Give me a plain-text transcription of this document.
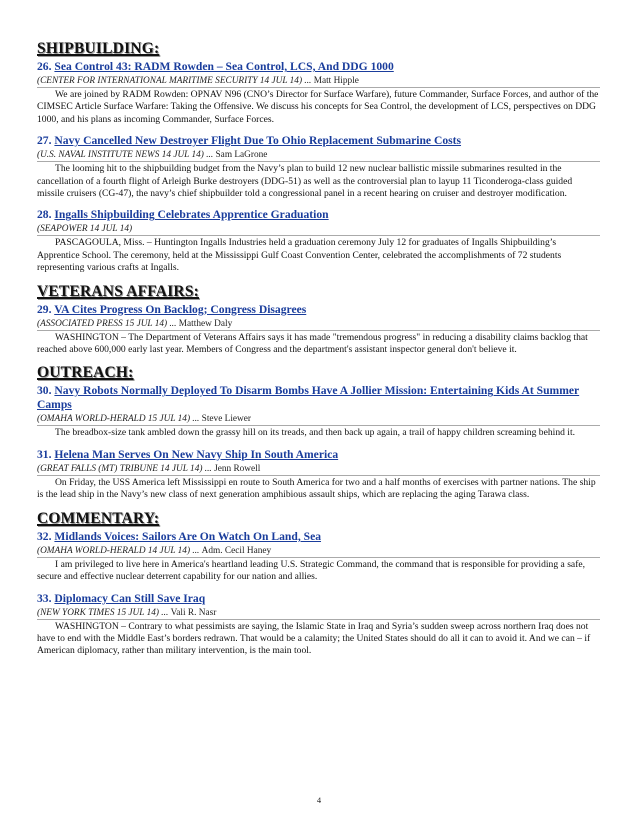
SHIPBUILDING:

26. Sea Control 43: RADM Rowden – Sea Control, LCS, And DDG 1000

(CENTER FOR INTERNATIONAL MARITIME SECURITY 14 JUL 14) ... Matt Hipple

We are joined by RADM Rowden: OPNAV N96 (CNO’s Director for Surface Warfare), future Commander, Surface Forces, and author of the CIMSEC Article Surface Warfare: Taking the Offensive. We discuss his concepts for Sea Control, the development of LCS, perspectives on DDG 1000, and his plans as incoming Commander, Surface Forces.

27. Navy Cancelled New Destroyer Flight Due To Ohio Replacement Submarine Costs

(U.S. NAVAL INSTITUTE NEWS 14 JUL 14) ... Sam LaGrone

The looming hit to the shipbuilding budget from the Navy’s plan to build 12 new nuclear ballistic missile submarines resulted in the cancellation of a fourth flight of Arleigh Burke destroyers (DDG-51) as well as the controversial plan to layup 11 Ticonderoga-class guided missile cruisers (CG-47), the navy’s chief shipbuilder told a congressional panel in a recent hearing on cruiser and destroyer modification.

28. Ingalls Shipbuilding Celebrates Apprentice Graduation

(SEAPOWER 14 JUL 14)

PASCAGOULA, Miss. – Huntington Ingalls Industries held a graduation ceremony July 12 for graduates of Ingalls Shipbuilding’s Apprentice School. The ceremony, held at the Mississippi Gulf Coast Convention Center, celebrated the accomplishments of 72 students representing various crafts at Ingalls.

VETERANS AFFAIRS:

29. VA Cites Progress On Backlog; Congress Disagrees

(ASSOCIATED PRESS 15 JUL 14) ... Matthew Daly

WASHINGTON – The Department of Veterans Affairs says it has made "tremendous progress" in reducing a disability claims backlog that reached above 600,000 early last year. Members of Congress and the department's assistant inspector general don't believe it.

OUTREACH:

30. Navy Robots Normally Deployed To Disarm Bombs Have A Jollier Mission: Entertaining Kids At Summer Camps

(OMAHA WORLD-HERALD 15 JUL 14) ... Steve Liewer

The breadbox-size tank ambled down the grassy hill on its treads, and then back up again, a trail of happy children screaming behind it.

31. Helena Man Serves On New Navy Ship In South America

(GREAT FALLS (MT) TRIBUNE 14 JUL 14) ... Jenn Rowell

On Friday, the USS America left Mississippi en route to South America for two and a half months of exercises with partner nations. The ship is the lead ship in the Navy’s new class of next generation amphibious assault ships, which are replacing the aging Tarawa class.

COMMENTARY:

32. Midlands Voices: Sailors Are On Watch On Land, Sea

(OMAHA WORLD-HERALD 14 JUL 14) ... Adm. Cecil Haney

I am privileged to live here in America's heartland leading U.S. Strategic Command, the command that is responsible for providing a safe, secure and effective nuclear deterrent capability for our nation and allies.

33. Diplomacy Can Still Save Iraq

(NEW YORK TIMES 15 JUL 14) ... Vali R. Nasr

WASHINGTON – Contrary to what pessimists are saying, the Islamic State in Iraq and Syria’s sudden sweep across northern Iraq does not have to end with the Middle East’s borders redrawn. That would be a calamity; the United States should do all it can to avoid it. And we can – if American diplomacy, rather than military intervention, is the main tool.

4
